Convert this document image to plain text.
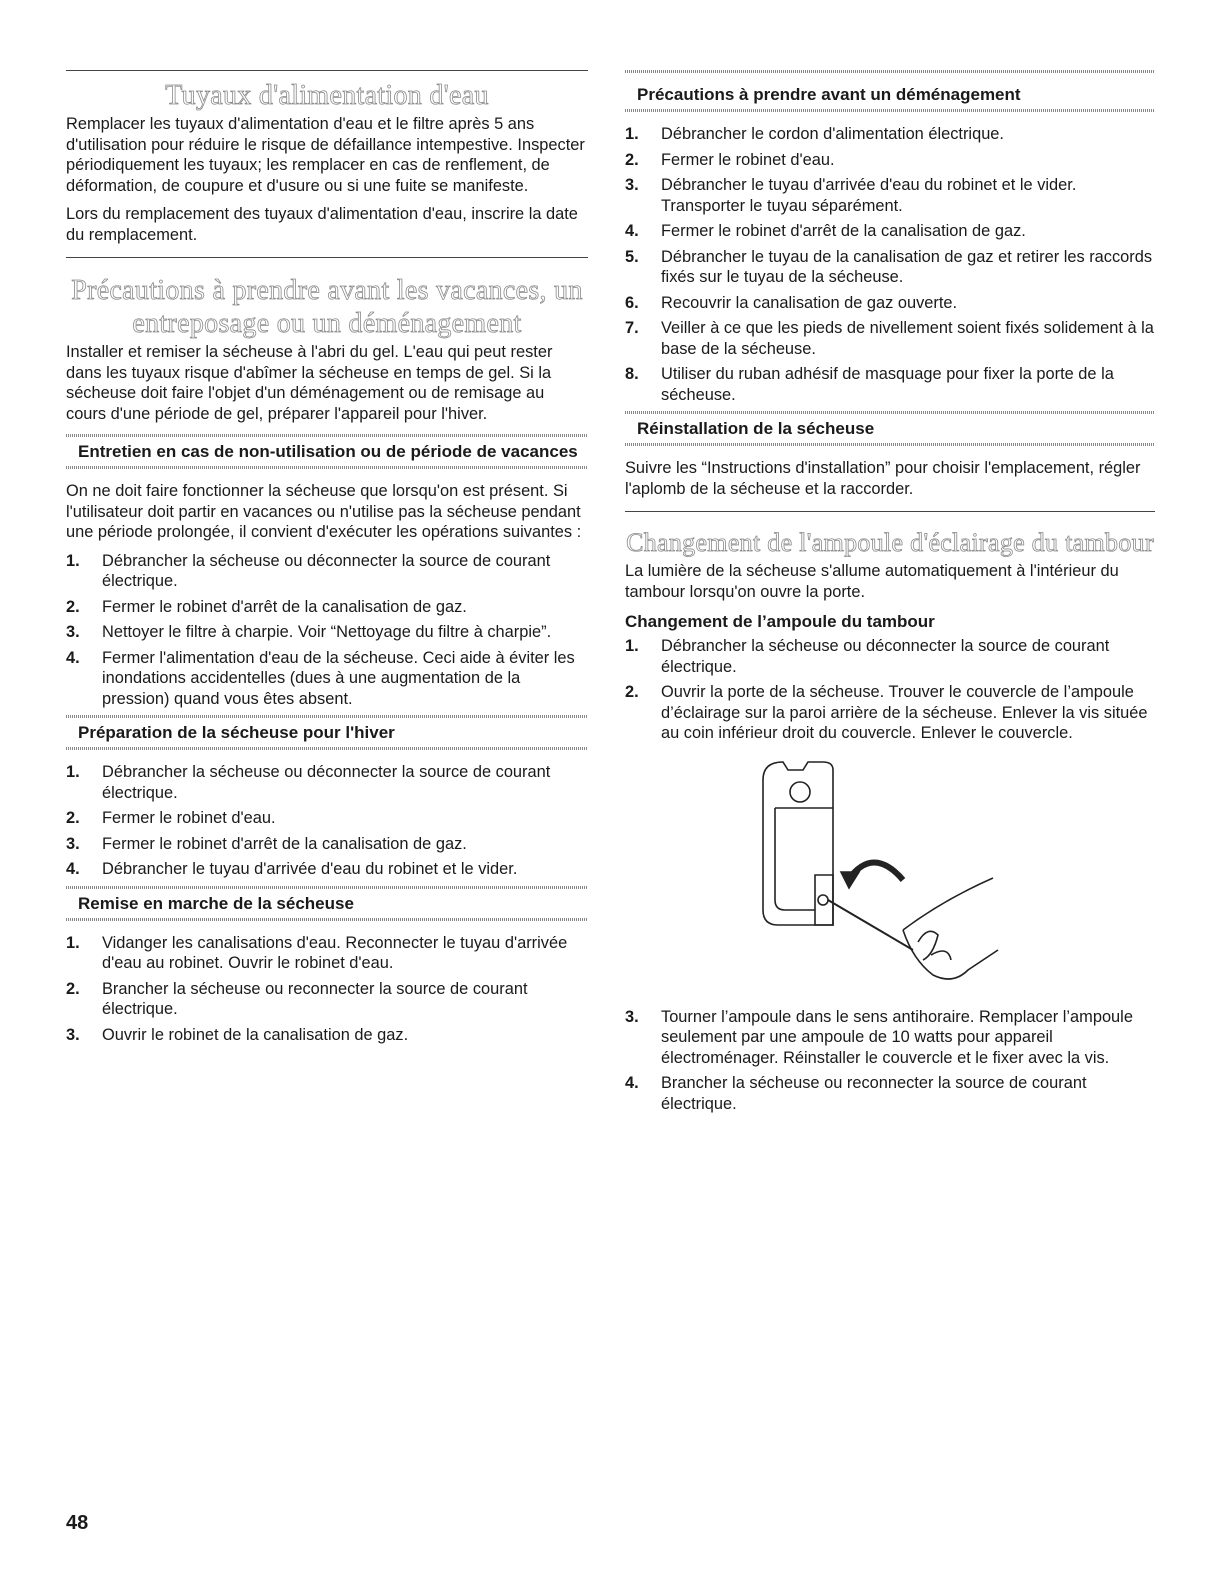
Tuyaux d'alimentation d'eau

Remplacer les tuyaux d'alimentation d'eau et le filtre après 5 ans d'utilisation pour réduire le risque de défaillance intempestive. Inspecter périodiquement les tuyaux; les remplacer en cas de renflement, de déformation, de coupure et d'usure ou si une fuite se manifeste.

Lors du remplacement des tuyaux d'alimentation d'eau, inscrire la date du remplacement.

Précautions à prendre avant les vacances, un entreposage ou un déménagement

Installer et remiser la sécheuse à l'abri du gel. L'eau qui peut rester dans les tuyaux risque d'abîmer la sécheuse en temps de gel. Si la sécheuse doit faire l'objet d'un déménagement ou de remisage au cours d'une période de gel, préparer l'appareil pour l'hiver.

Entretien en cas de non-utilisation ou de période de vacances

On ne doit faire fonctionner la sécheuse que lorsqu'on est présent. Si l'utilisateur doit partir en vacances ou n'utilise pas la sécheuse pendant une période prolongée, il convient d'exécuter les opérations suivantes :

1. Débrancher la sécheuse ou déconnecter la source de courant électrique.
2. Fermer le robinet d'arrêt de la canalisation de gaz.
3. Nettoyer le filtre à charpie. Voir “Nettoyage du filtre à charpie”.
4. Fermer l'alimentation d'eau de la sécheuse. Ceci aide à éviter les inondations accidentelles (dues à une augmentation de la pression) quand vous êtes absent.
Préparation de la sécheuse pour l'hiver
1. Débrancher la sécheuse ou déconnecter la source de courant électrique.
2. Fermer le robinet d'eau.
3. Fermer le robinet d'arrêt de la canalisation de gaz.
4. Débrancher le tuyau d'arrivée d'eau du robinet et le vider.
Remise en marche de la sécheuse
1. Vidanger les canalisations d'eau. Reconnecter le tuyau d'arrivée d'eau au robinet. Ouvrir le robinet d'eau.
2. Brancher la sécheuse ou reconnecter la source de courant électrique.
3. Ouvrir le robinet de la canalisation de gaz.
Précautions à prendre avant un déménagement
1. Débrancher le cordon d'alimentation électrique.
2. Fermer le robinet d'eau.
3. Débrancher le tuyau d'arrivée d'eau du robinet et le vider. Transporter le tuyau séparément.
4. Fermer le robinet d'arrêt de la canalisation de gaz.
5. Débrancher le tuyau de la canalisation de gaz et retirer les raccords fixés sur le tuyau de la sécheuse.
6. Recouvrir la canalisation de gaz ouverte.
7. Veiller à ce que les pieds de nivellement soient fixés solidement à la base de la sécheuse.
8. Utiliser du ruban adhésif de masquage pour fixer la porte de la sécheuse.
Réinstallation de la sécheuse

Suivre les “Instructions d'installation” pour choisir l'emplacement, régler l'aplomb de la sécheuse et la raccorder.

Changement de l'ampoule d'éclairage du tambour

La lumière de la sécheuse s'allume automatiquement à l'intérieur du tambour lorsqu'on ouvre la porte.

Changement de l’ampoule du tambour
1. Débrancher la sécheuse ou déconnecter la source de courant électrique.
2. Ouvrir la porte de la sécheuse. Trouver le couvercle de l’ampoule d’éclairage sur la paroi arrière de la sécheuse. Enlever la vis située au coin inférieur droit du couvercle. Enlever le couvercle.
3. Tourner l’ampoule dans le sens antihoraire. Remplacer l’ampoule seulement par une ampoule de 10 watts pour appareil électroménager. Réinstaller le couvercle et le fixer avec la vis.
4. Brancher la sécheuse ou reconnecter la source de courant électrique.
48
